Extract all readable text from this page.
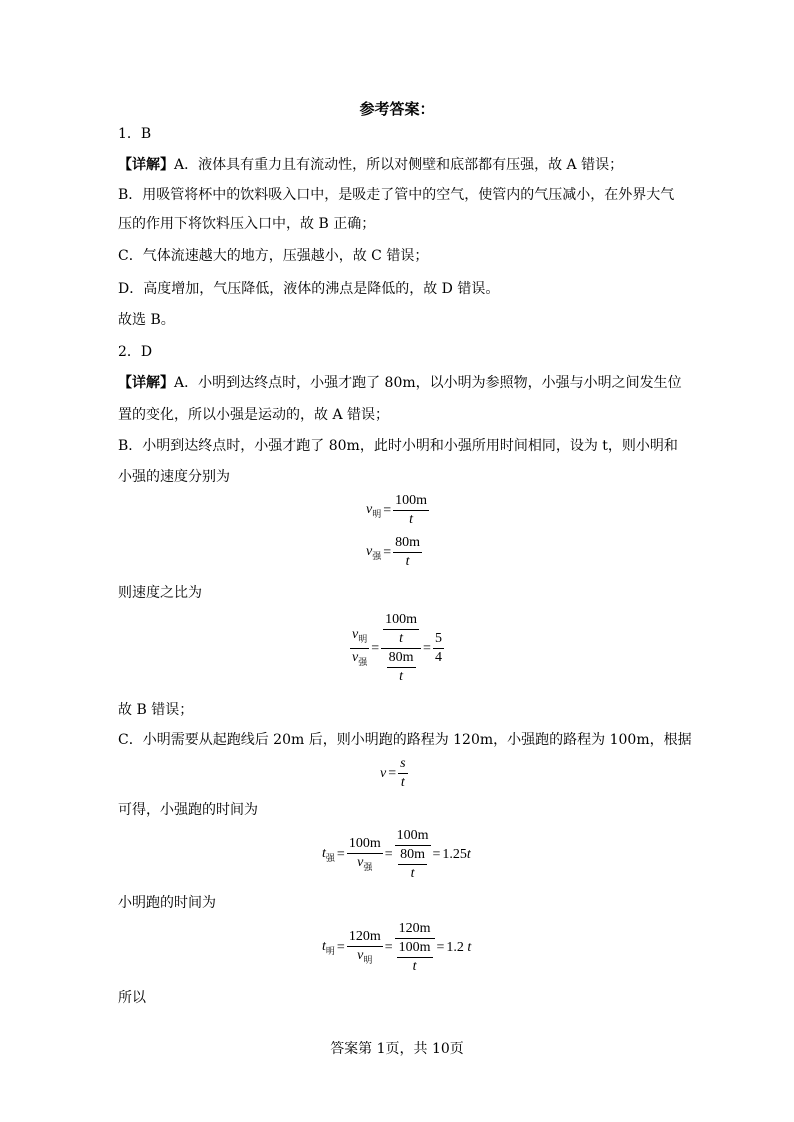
参考答案：
1．B
【详解】A．液体具有重力且有流动性，所以对侧壁和底部都有压强，故 A 错误；
B．用吸管将杯中的饮料吸入口中，是吸走了管中的空气，使管内的气压减小，在外界大气
压的作用下将饮料压入口中，故 B 正确；
C．气体流速越大的地方，压强越小，故 C 错误；
D．高度增加，气压降低，液体的沸点是降低的，故 D 错误。
故选 B。
2．D
【详解】A．小明到达终点时，小强才跑了 80m，以小明为参照物，小强与小明之间发生位
置的变化，所以小强是运动的，故 A 错误；
B．小明到达终点时，小强才跑了 80m，此时小明和小强所用时间相同，设为 t，则小明和
小强的速度分别为
$v_明 = \frac{100m}{t}$
$v_强 = \frac{80m}{t}$
则速度之比为
$\frac{v_明}{v_强} = \frac{\frac{100m}{t}}{\frac{80m}{t}} = \frac{5}{4}$
故 B 错误；
C．小明需要从起跑线后 20m 后，则小明跑的路程为 120m，小强跑的路程为 100m，根据
$v = \frac{s}{t}$
可得，小强跑的时间为
$t_强 = \frac{100m}{v_强} = \frac{100m}{\frac{80m}{t}} = 1.25t$
小明跑的时间为
$t_明 = \frac{120m}{v_明} = \frac{120m}{\frac{100m}{t}} = 1.2$ t
所以
答案第 1页，共 10页
